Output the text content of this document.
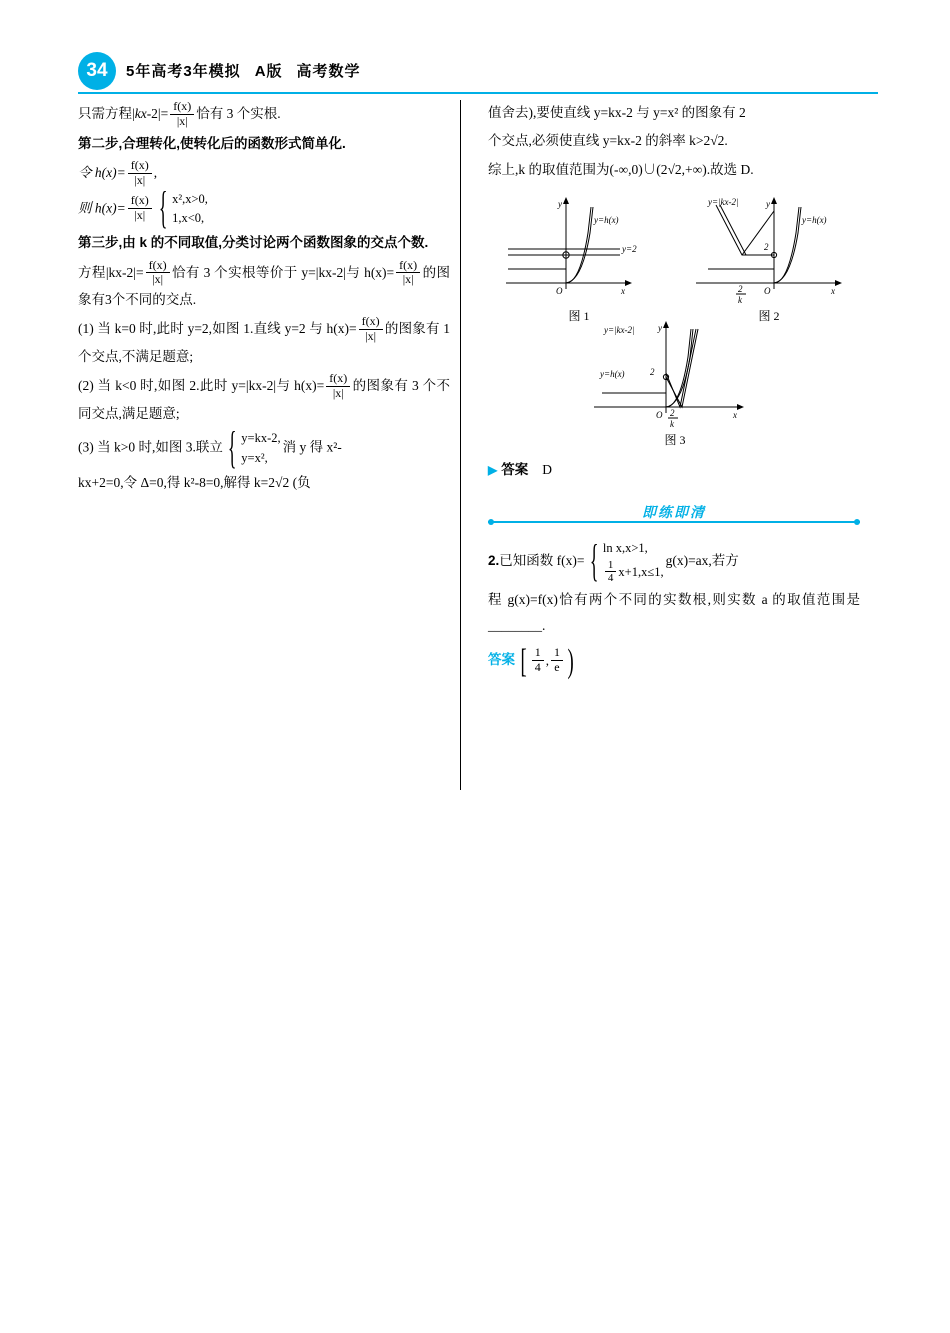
34	5年高考3年模拟 A版 高考数学

只需方程$|kx-2|= \frac{f(x)}{|x|}$ 恰有 3 个实根.

第二步,合理转化,使转化后的函数形式简单化.

令 $h(x)= \frac{f(x)}{|x|}$ ,

则 $h(x)= \frac{f(x)}{|x|}$ { x²,x>0,
1,x<0,

第三步,由 k 的不同取值,分类讨论两个函数图象的交点个数.

方程$|kx-2|= \frac{f(x)}{|x|}$ 恰有 3 个实根等价于 y=|kx-2|与 $h(x)= \frac{f(x)}{|x|}$ 的图象有3个不同的交点.

(1) 当 k=0 时,此时 y=2,如图 1.直线 y=2 与 $h(x)= \frac{f(x)}{|x|}$ 的图象有 1 个交点,不满足题意;

(2) 当 k<0 时,如图 2.此时 y=|kx-2|与 $h(x)= \frac{f(x)}{|x|}$ 的图象有 3 个不同交点,满足题意;

(3) 当 k>0 时,如图 3.联立 { y=kx-2,
y=x²,
消 y 得 x²-

kx+2=0,令 Δ=0,得 k²-8=0,解得 k=2√2 (负

值舍去),要使直线 y=kx-2 与 y=x² 的图象有 2

个交点,必须使直线 y=kx-2 的斜率 k>2√2.

综上,k 的取值范围为(-∞,0)∪(2√2,+∞).故选 D.

y
x
O
y=h(x)
y=2
图 1
y
x
O
y=h(x)
y=|kx-2|
2
2
k
图 2
y
x
O
y=|kx-2|
y=h(x)	2
2
k
图 3
▶ 答案 D
即练即清

2.已知函数 f(x)= { ln x,x>1,
$\frac{1}{4} x+1,x\le 1$,
g(x)=ax,若方

程 g(x)=f(x)恰有两个不同的实数根,则实数 a 的取值范围是________.

答案 [ $\frac{1}{4}$ , $\frac{1}{e}$ )
